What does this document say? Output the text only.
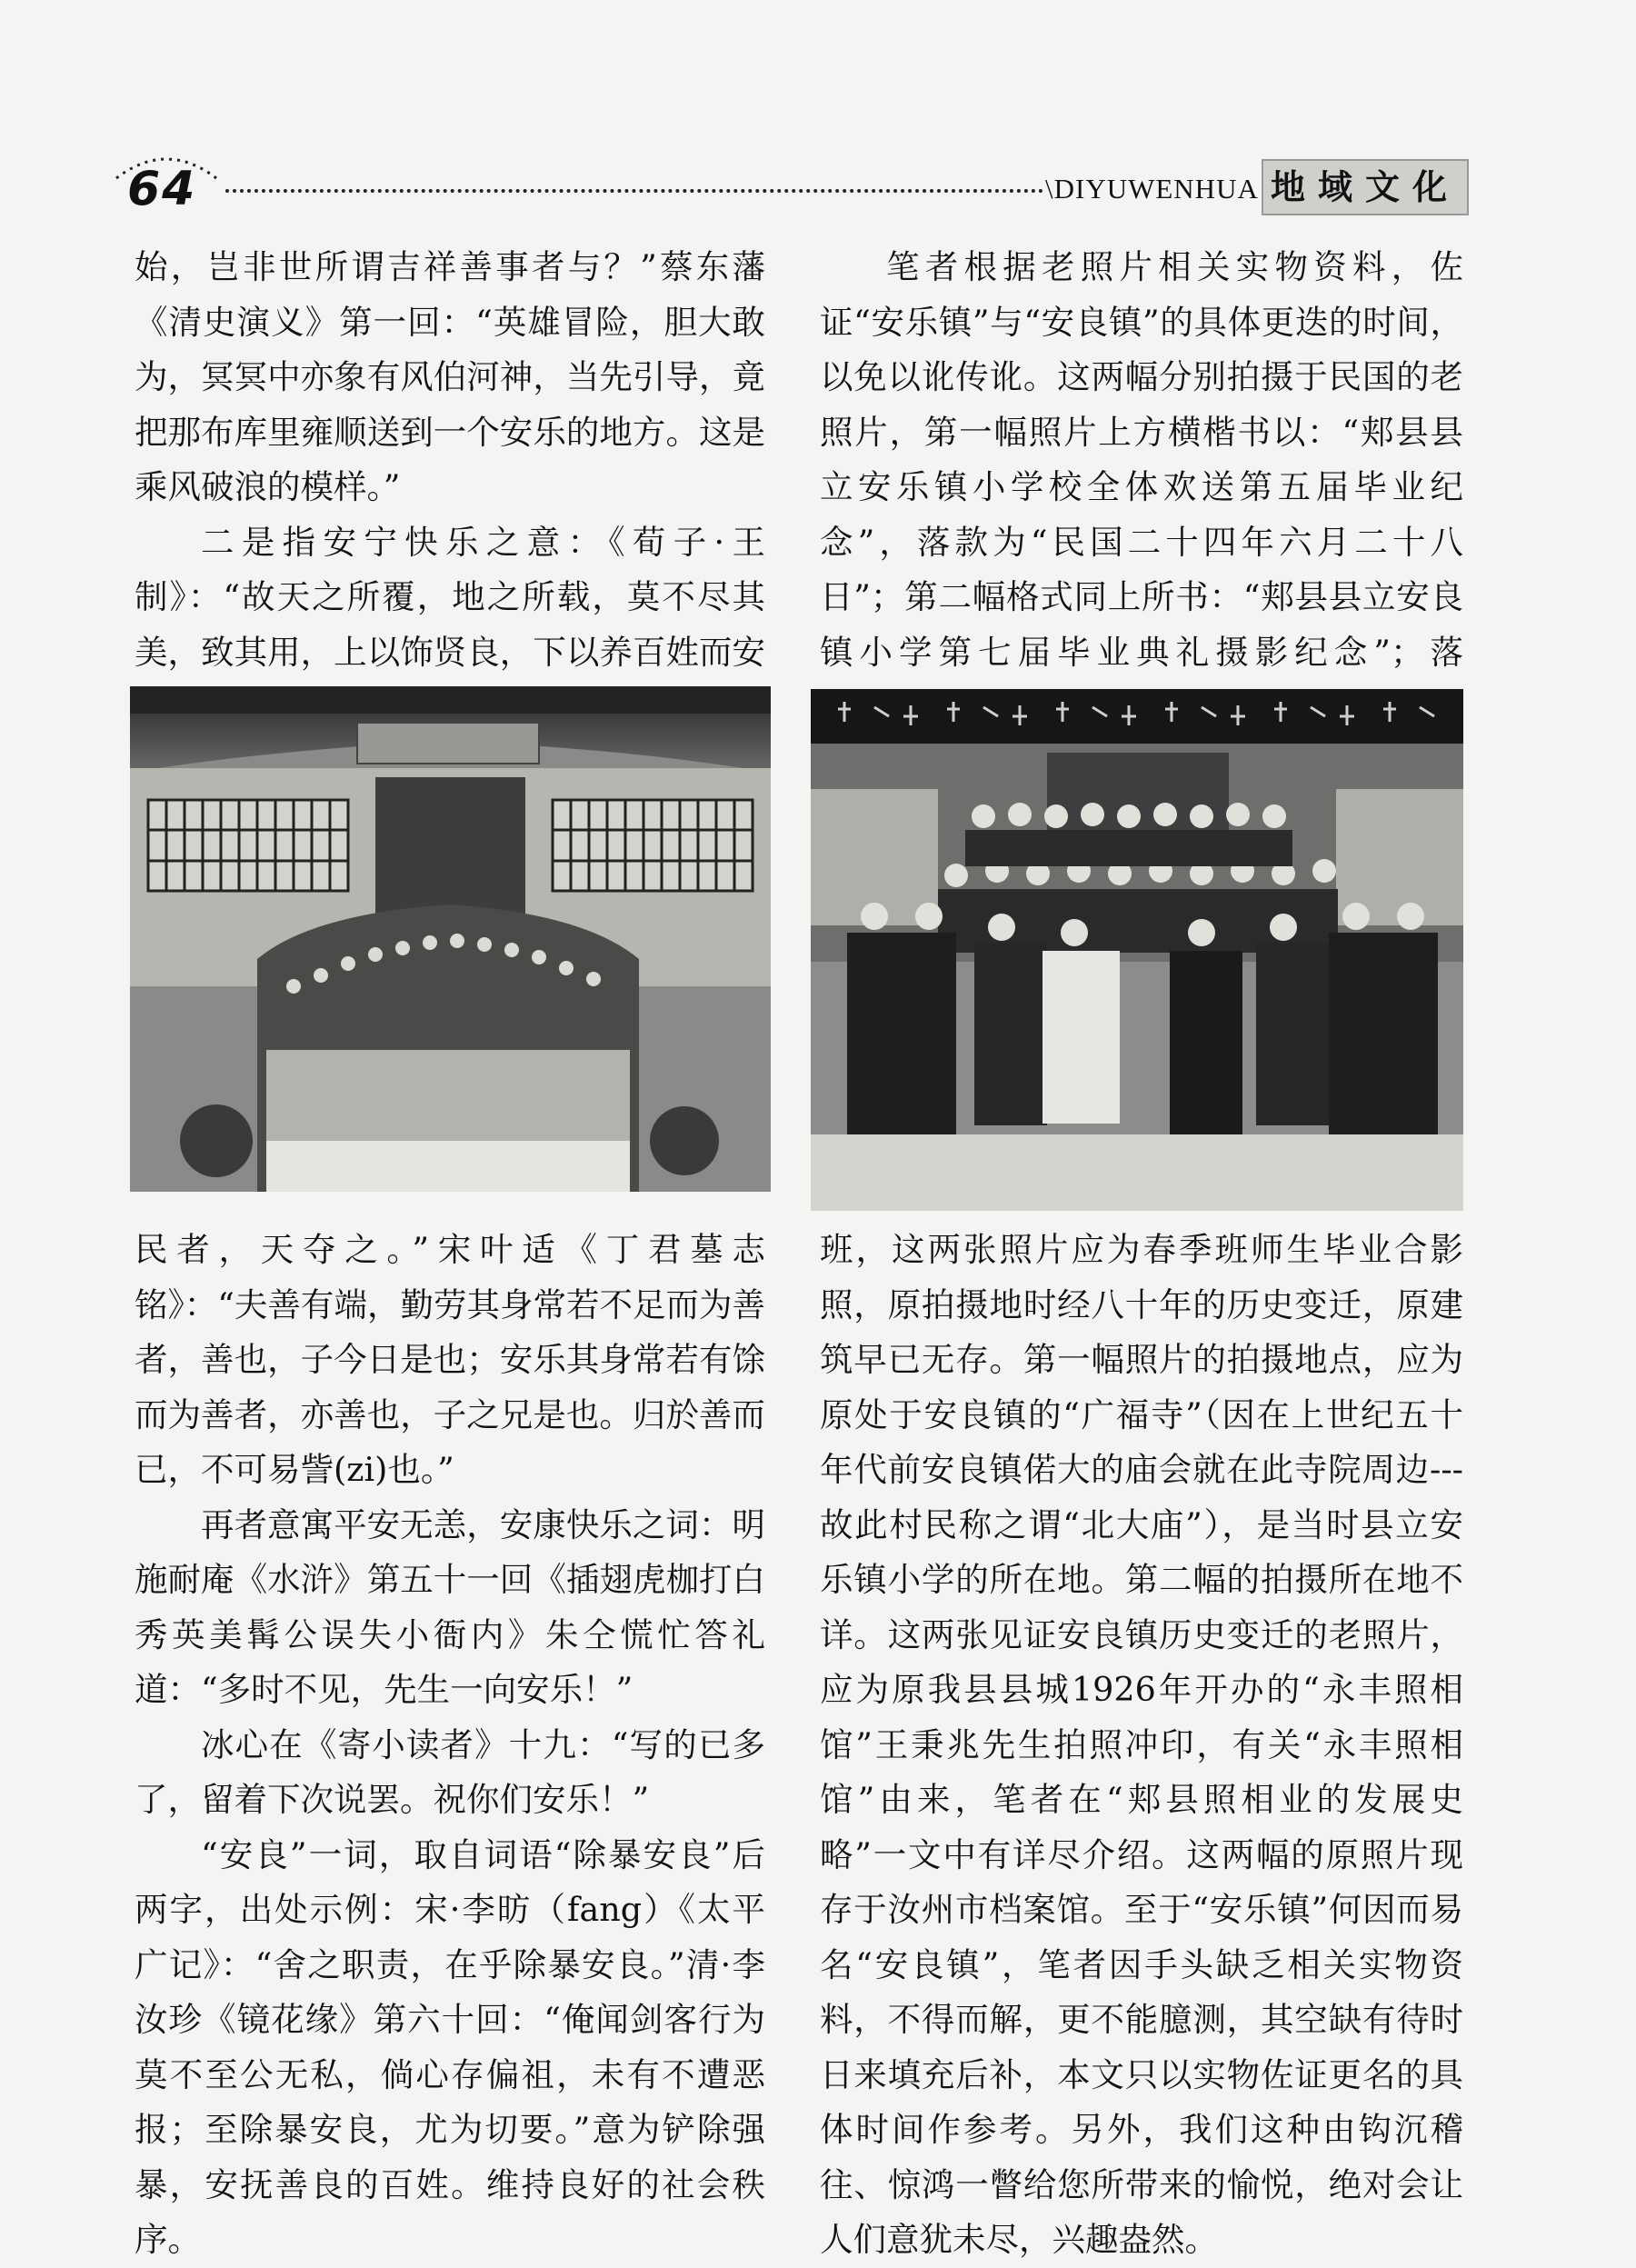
64	\DIYUWENHUA 地域文化

始，岂非世所谓吉祥善事者与？”蔡东藩《清史演义》第一回：“英雄冒险，胆大敢为，冥冥中亦象有风伯河神，当先引导，竟把那布库里雍顺送到一个安乐的地方。这是乘风破浪的模样。”

二是指安宁快乐之意：《荀子·王制》：“故天之所覆，地之所载，莫不尽其美，致其用，上以饰贤良，下以养百姓而安

笔者根据老照片相关实物资料，佐证“安乐镇”与“安良镇”的具体更迭的时间，以免以讹传讹。这两幅分别拍摄于民国的老照片，第一幅照片上方横楷书以：“郏县县立安乐镇小学校全体欢送第五届毕业纪念”，落款为“民国二十四年六月二十八日”；第二幅格式同上所书：“郏县县立安良镇小学第七届毕业典礼摄影纪念”；落

民者，天夺之。”宋叶适《丁君墓志铭》：“夫善有端，勤劳其身常若不足而为善者，善也，子今日是也；安乐其身常若有馀而为善者，亦善也，子之兄是也。归於善而已，不可易訾(zi)也。”

再者意寓平安无恙，安康快乐之词：明施耐庵《水浒》第五十一回《插翅虎枷打白秀英美髯公误失小衙内》朱仝慌忙答礼道：“多时不见，先生一向安乐！”

冰心在《寄小读者》十九：“写的已多了，留着下次说罢。祝你们安乐！”

“安良”一词，取自词语“除暴安良”后两字，出处示例：宋·李昉（fang）《太平广记》：“舍之职责，在乎除暴安良。”清·李汝珍《镜花缘》第六十回：“俺闻剑客行为莫不至公无私，倘心存偏祖，未有不遭恶报；至除暴安良，尤为切要。”意为铲除强暴，安抚善良的百姓。维持良好的社会秩序。

班，这两张照片应为春季班师生毕业合影照，原拍摄地时经八十年的历史变迁，原建筑早已无存。第一幅照片的拍摄地点，应为原处于安良镇的“广福寺”（因在上世纪五十年代前安良镇偌大的庙会就在此寺院周边---故此村民称之谓“北大庙”），是当时县立安乐镇小学的所在地。第二幅的拍摄所在地不详。这两张见证安良镇历史变迁的老照片，应为原我县县城1926年开办的“永丰照相馆”王秉兆先生拍照冲印，有关“永丰照相馆”由来，笔者在“郏县照相业的发展史略”一文中有详尽介绍。这两幅的原照片现存于汝州市档案馆。至于“安乐镇”何因而易名“安良镇”，笔者因手头缺乏相关实物资料，不得而解，更不能臆测，其空缺有待时日来填充后补，本文只以实物佐证更名的具体时间作参考。另外，我们这种由钩沉稽往、惊鸿一瞥给您所带来的愉悦，绝对会让人们意犹未尽，兴趣盎然。
